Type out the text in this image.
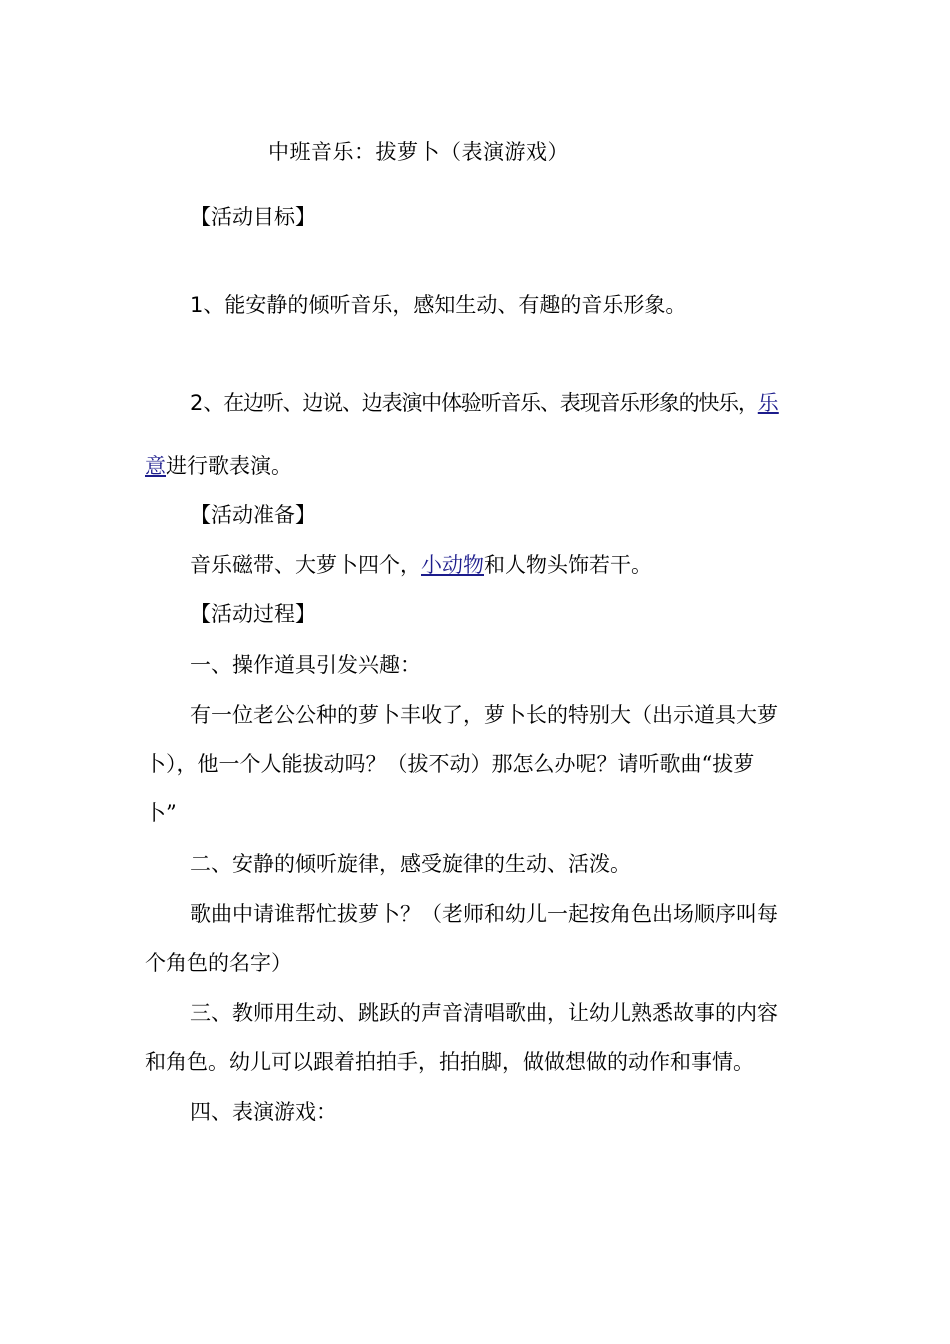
中班音乐：拔萝卜（表演游戏）
【活动目标】
1、能安静的倾听音乐，感知生动、有趣的音乐形象。
2、在边听、边说、边表演中体验听音乐、表现音乐形象的快乐，乐
意进行歌表演。
【活动准备】
音乐磁带、大萝卜四个，小动物和人物头饰若干。
【活动过程】
一、操作道具引发兴趣：
有一位老公公种的萝卜丰收了，萝卜长的特别大（出示道具大萝
卜），他一个人能拔动吗？（拔不动）那怎么办呢？请听歌曲“拔萝
卜”
二、安静的倾听旋律，感受旋律的生动、活泼。
歌曲中请谁帮忙拔萝卜？（老师和幼儿一起按角色出场顺序叫每
个角色的名字）
三、教师用生动、跳跃的声音清唱歌曲，让幼儿熟悉故事的内容
和角色。幼儿可以跟着拍拍手，拍拍脚，做做想做的动作和事情。
四、表演游戏：
